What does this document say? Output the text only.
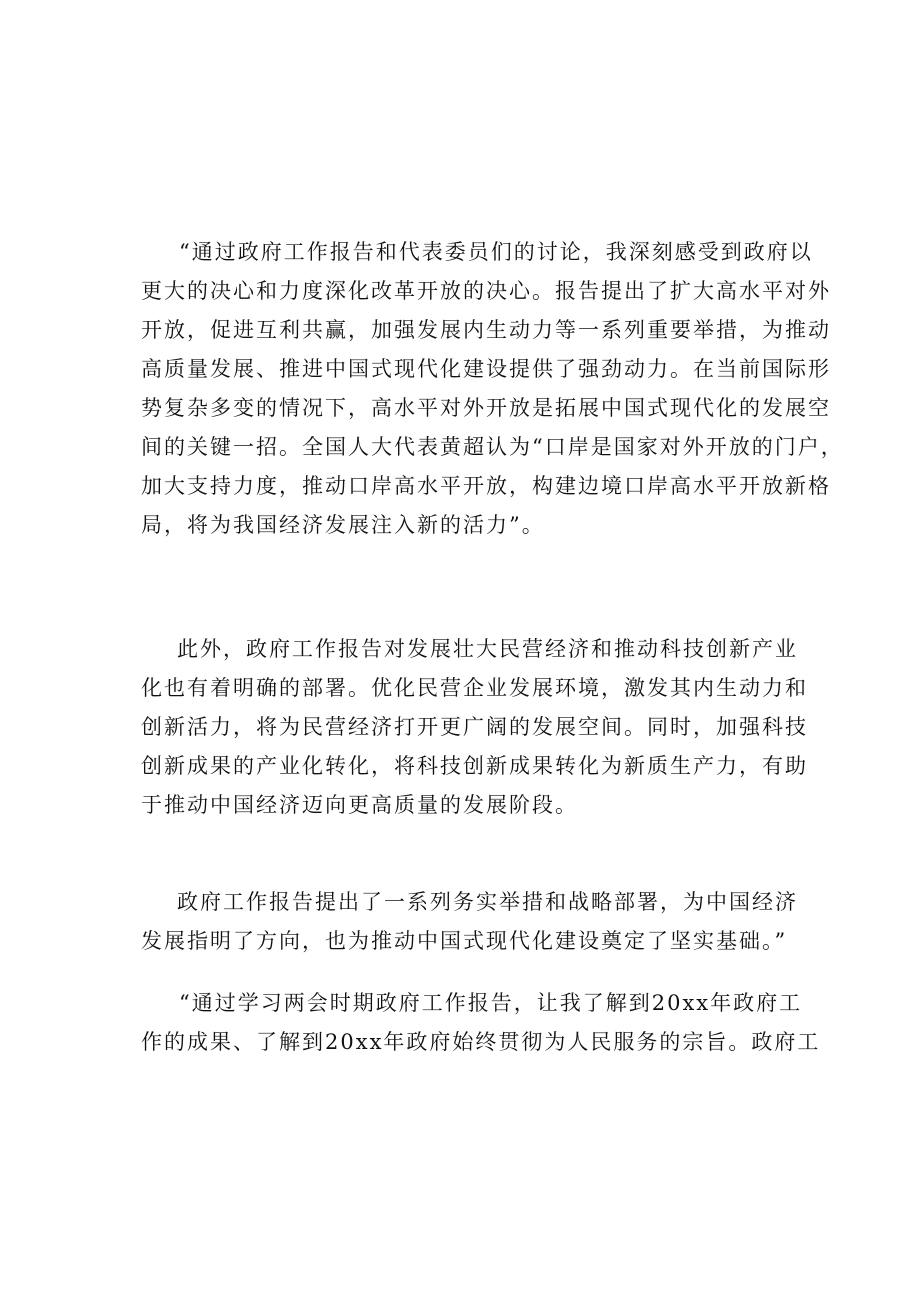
“通过政府工作报告和代表委员们的讨论，我深刻感受到政府以
更大的决心和力度深化改革开放的决心。报告提出了扩大高水平对外
开放，促进互利共赢，加强发展内生动力等一系列重要举措，为推动
高质量发展、推进中国式现代化建设提供了强劲动力。在当前国际形
势复杂多变的情况下，高水平对外开放是拓展中国式现代化的发展空
间的关键一招。全国人大代表黄超认为“口岸是国家对外开放的门户，
加大支持力度，推动口岸高水平开放，构建边境口岸高水平开放新格
局，将为我国经济发展注入新的活力”。
此外，政府工作报告对发展壮大民营经济和推动科技创新产业
化也有着明确的部署。优化民营企业发展环境，激发其内生动力和
创新活力，将为民营经济打开更广阔的发展空间。同时，加强科技
创新成果的产业化转化，将科技创新成果转化为新质生产力，有助
于推动中国经济迈向更高质量的发展阶段。
政府工作报告提出了一系列务实举措和战略部署，为中国经济
发展指明了方向，也为推动中国式现代化建设奠定了坚实基础。”
“通过学习两会时期政府工作报告，让我了解到20xx年政府工
作的成果、了解到20xx年政府始终贯彻为人民服务的宗旨。政府工
